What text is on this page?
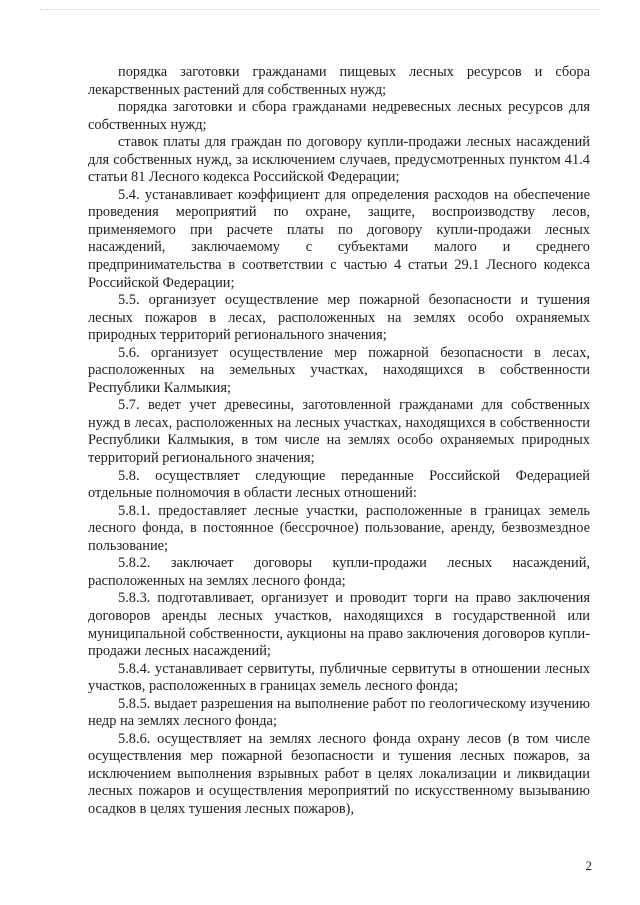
порядка заготовки гражданами пищевых лесных ресурсов и сбора лекарственных растений для собственных нужд;

порядка заготовки и сбора гражданами недревесных лесных ресурсов для собственных нужд;

ставок платы для граждан по договору купли-продажи лесных насаждений для собственных нужд, за исключением случаев, предусмотренных пунктом 41.4 статьи 81 Лесного кодекса Российской Федерации;

5.4. устанавливает коэффициент для определения расходов на обеспечение проведения мероприятий по охране, защите, воспроизводству лесов, применяемого при расчете платы по договору купли-продажи лесных насаждений, заключаемому с субъектами малого и среднего предпринимательства в соответствии с частью 4 статьи 29.1 Лесного кодекса Российской Федерации;

5.5. организует осуществление мер пожарной безопасности и тушения лесных пожаров в лесах, расположенных на землях особо охраняемых природных территорий регионального значения;

5.6. организует осуществление мер пожарной безопасности в лесах, расположенных на земельных участках, находящихся в собственности Республики Калмыкия;

5.7. ведет учет древесины, заготовленной гражданами для собственных нужд в лесах, расположенных на лесных участках, находящихся в собственности Республики Калмыкия, в том числе на землях особо охраняемых природных территорий регионального значения;

5.8. осуществляет следующие переданные Российской Федерацией отдельные полномочия в области лесных отношений:

5.8.1. предоставляет лесные участки, расположенные в границах земель лесного фонда, в постоянное (бессрочное) пользование, аренду, безвозмездное пользование;

5.8.2. заключает договоры купли-продажи лесных насаждений, расположенных на землях лесного фонда;

5.8.3. подготавливает, организует и проводит торги на право заключения договоров аренды лесных участков, находящихся в государственной или муниципальной собственности, аукционы на право заключения договоров купли-продажи лесных насаждений;

5.8.4. устанавливает сервитуты, публичные сервитуты в отношении лесных участков, расположенных в границах земель лесного фонда;

5.8.5. выдает разрешения на выполнение работ по геологическому изучению недр на землях лесного фонда;

5.8.6. осуществляет на землях лесного фонда охрану лесов (в том числе осуществления мер пожарной безопасности и тушения лесных пожаров, за исключением выполнения взрывных работ в целях локализации и ликвидации лесных пожаров и осуществления мероприятий по искусственному вызыванию осадков в целях тушения лесных пожаров),

2
